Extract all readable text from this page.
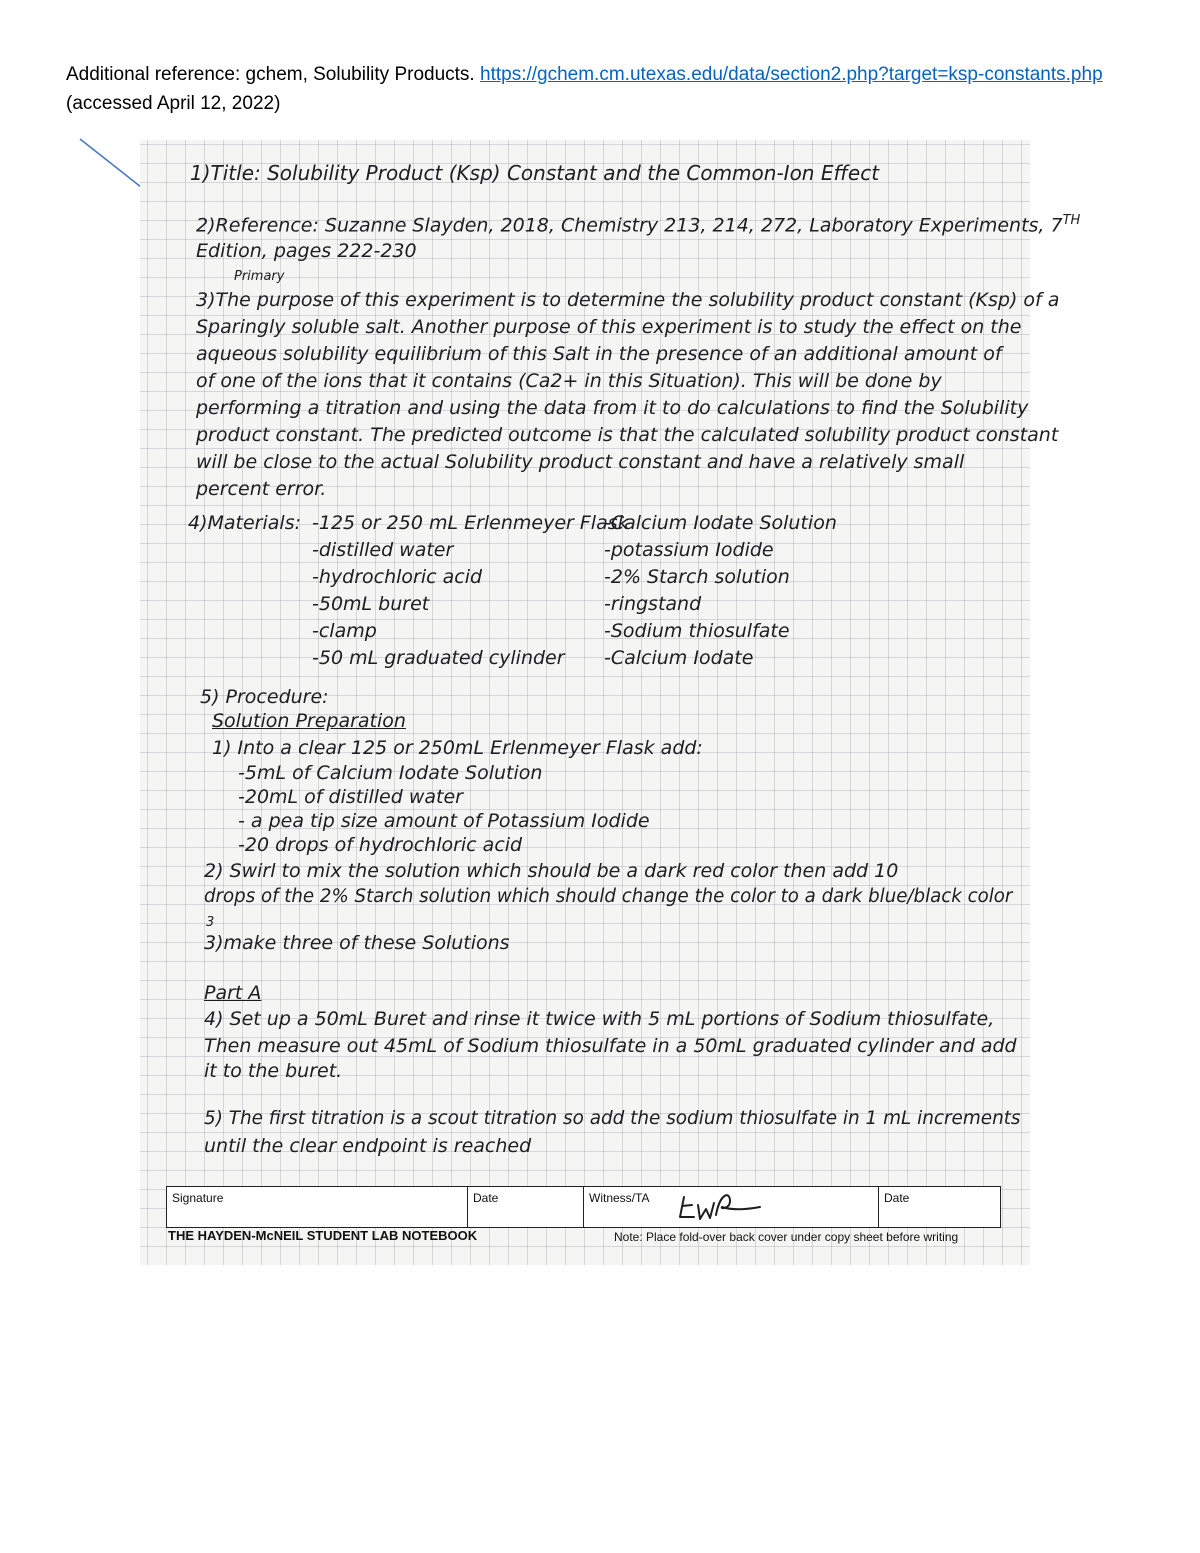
Additional reference: gchem, Solubility Products. https://gchem.cm.utexas.edu/data/section2.php?target=ksp-constants.php (accessed April 12, 2022)
1)Title: Solubility Product (Ksp) Constant and the Common-Ion Effect
2)Reference: Suzanne Slayden, 2018, Chemistry 213, 214, 272, Laboratory Experiments, 7TH
Edition, pages 222-230
Primary
3)The purpose of this experiment is to determine the solubility product constant (Ksp) of a
Sparingly soluble salt. Another purpose of this experiment is to study the effect on the
aqueous solubility equilibrium of this Salt in the presence of an additional amount of
of one of the ions that it contains (Ca2+ in this Situation). This will be done by
performing a titration and using the data from it to do calculations to find the Solubility
product constant. The predicted outcome is that the calculated solubility product constant
will be close to the actual Solubility product constant and have a relatively small
percent error.
4)Materials: -125 or 250 mL Erlenmeyer Flask
-distilled water
-hydrochloric acid
-50mL buret
-clamp
-50 mL graduated cylinder
-Calcium Iodate Solution
-potassium Iodide
-2% Starch solution
-ringstand
-Sodium thiosulfate
-Calcium Iodate
5) Procedure:
Solution Preparation
1) Into a clear 125 or 250mL Erlenmeyer Flask add:
-5mL of Calcium Iodate Solution
-20mL of distilled water
- a pea tip size amount of Potassium Iodide
-20 drops of hydrochloric acid
2) Swirl to mix the solution which should be a dark red color then add 10
drops of the 2% Starch solution which should change the color to a dark blue/black color
3
3)make three of these Solutions
Part A
4) Set up a 50mL Buret and rinse it twice with 5 mL portions of Sodium thiosulfate,
Then measure out 45mL of Sodium thiosulfate in a 50mL graduated cylinder and add
it to the buret.
5) The first titration is a scout titration so add the sodium thiosulfate in 1 mL increments
until the clear endpoint is reached
Signature	Date	Witness/TA	Date
THE HAYDEN-McNEIL STUDENT LAB NOTEBOOK	Note: Place fold-over back cover under copy sheet before writing
